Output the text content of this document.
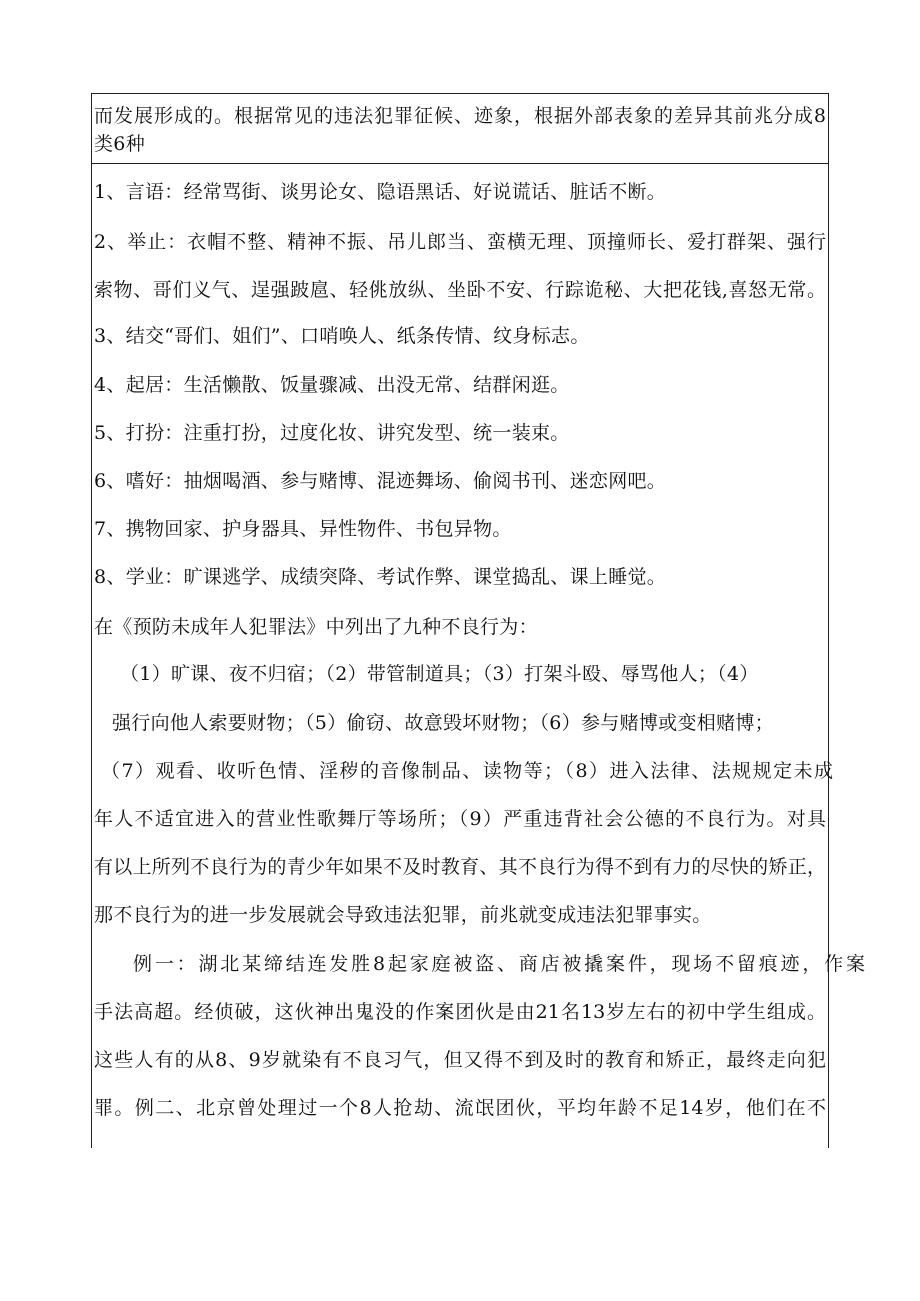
而发展形成的。根据常见的违法犯罪征候、迹象，根据外部表象的差异其前兆分成8
类6种
1、言语：经常骂街、谈男论女、隐语黑话、好说谎话、脏话不断。
2、举止：衣帽不整、精神不振、吊儿郎当、蛮横无理、顶撞师长、爱打群架、强行
索物、哥们义气、逞强跛扈、轻佻放纵、坐卧不安、行踪诡秘、大把花钱,喜怒无常。
3、结交“哥们、姐们”、口哨唤人、纸条传情、纹身标志。
4、起居：生活懒散、饭量骤减、出没无常、结群闲逛。
5、打扮：注重打扮，过度化妆、讲究发型、统一装束。
6、嗜好：抽烟喝酒、参与赌博、混迹舞场、偷阅书刊、迷恋网吧。
7、携物回家、护身器具、异性物件、书包异物。
8、学业：旷课逃学、成绩突降、考试作弊、课堂捣乱、课上睡觉。
在《预防未成年人犯罪法》中列出了九种不良行为：
（1）旷课、夜不归宿；（2）带管制道具；（3）打架斗殴、辱骂他人；（4）
强行向他人索要财物；（5）偷窃、故意毁坏财物；（6）参与赌博或变相赌博；
（7）观看、收听色情、淫秽的音像制品、读物等；（8）进入法律、法规规定未成
年人不适宜进入的营业性歌舞厅等场所；（9）严重违背社会公德的不良行为。对具
有以上所列不良行为的青少年如果不及时教育、其不良行为得不到有力的尽快的矫正，
那不良行为的进一步发展就会导致违法犯罪，前兆就变成违法犯罪事实。
例一：湖北某缔结连发胜8起家庭被盗、商店被撬案件，现场不留痕迹，作案
手法高超。经侦破，这伙神出鬼没的作案团伙是由21名13岁左右的初中学生组成。
这些人有的从8、9岁就染有不良习气，但又得不到及时的教育和矫正，最终走向犯
罪。例二、北京曾处理过一个8人抢劫、流氓团伙，平均年龄不足14岁，他们在不
